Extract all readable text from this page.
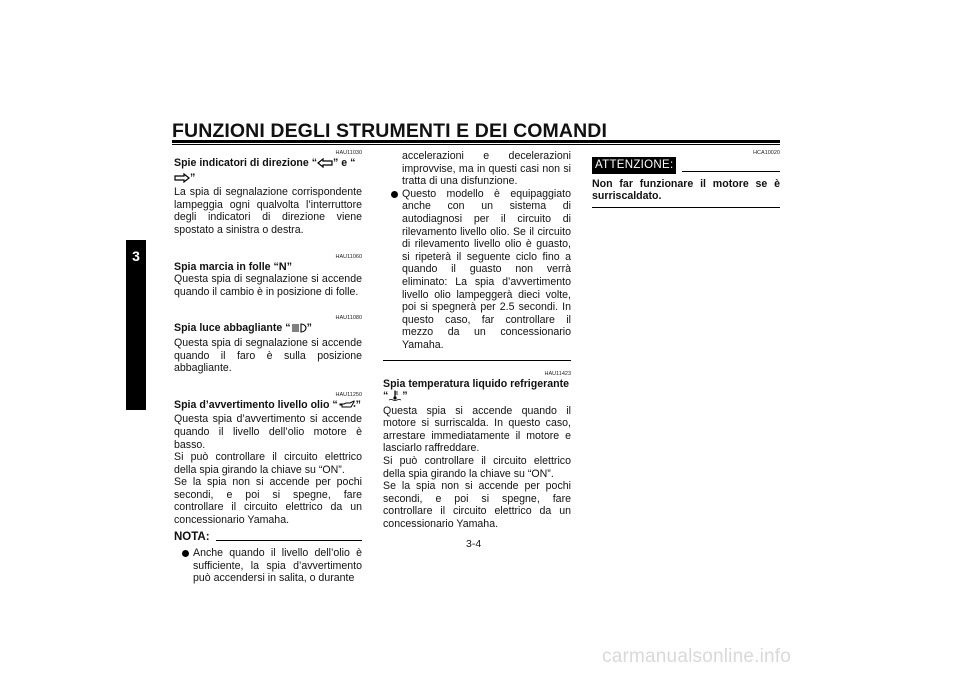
FUNZIONI DEGLI STRUMENTI E DEI COMANDI
3
HAU11030
Spie indicatori di direzione “ ” e “”

La spia di segnalazione corrispondente lampeggia ogni qualvolta l’interruttore degli indicatori di direzione viene spostato a sinistra o destra.

HAU11060
Spia marcia in folle “N”

Questa spia di segnalazione si accende quando il cambio è in posizione di folle.

HAU11080
Spia luce abbagliante “ ”

Questa spia di segnalazione si accende quando il faro è sulla posizione abbagliante.

HAU11250
Spia d’avvertimento livello olio “ ”

Questa spia d’avvertimento si accende quando il livello dell’olio motore è basso.

Si può controllare il circuito elettrico della spia girando la chiave su “ON”.

Se la spia non si accende per pochi secondi, e poi si spegne, fare controllare il circuito elettrico da un concessionario Yamaha.

NOTA:
Anche quando il livello dell’olio è sufficiente, la spia d’avvertimento può accendersi in salita, o durante

accelerazioni e decelerazioni improvvise, ma in questi casi non si tratta di una disfunzione.

Questo modello è equipaggiato anche con un sistema di autodiagnosi per il circuito di rilevamento livello olio. Se il circuito di rilevamento livello olio è guasto, si ripeterà il seguente ciclo fino a quando il guasto non verrà eliminato: La spia d’avvertimento livello olio lampeggerà dieci volte, poi si spegnerà per 2.5 secondi. In questo caso, far controllare il mezzo da un concessionario Yamaha.
HAU11423
Spia temperatura liquido refrigerante
“ ”

Questa spia si accende quando il motore si surriscalda. In questo caso, arrestare immediatamente il motore e lasciarlo raffreddare.

Si può controllare il circuito elettrico della spia girando la chiave su “ON”.

Se la spia non si accende per pochi secondi, e poi si spegne, fare controllare il circuito elettrico da un concessionario Yamaha.

HCA10020
ATTENZIONE:

Non far funzionare il motore se è surriscaldato.

3-4
carmanualsonline.info
